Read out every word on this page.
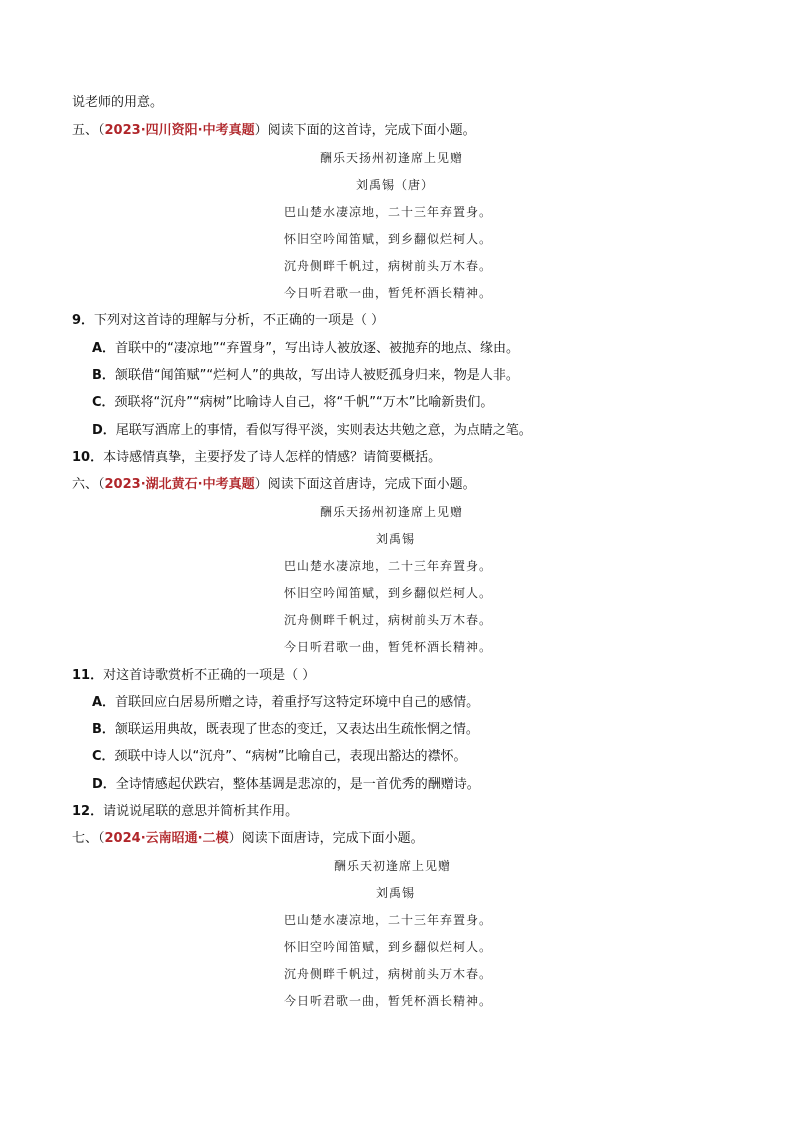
说老师的用意。
五、（2023·四川资阳·中考真题）阅读下面的这首诗，完成下面小题。
酬乐天扬州初逢席上见赠
刘禹锡（唐）
巴山楚水凄凉地，二十三年弃置身。
怀旧空吟闻笛赋，到乡翻似烂柯人。
沉舟侧畔千帆过，病树前头万木春。
今日听君歌一曲，暂凭杯酒长精神。
9．下列对这首诗的理解与分析，不正确的一项是（ ）
A．首联中的“凄凉地”“弃置身”，写出诗人被放逐、被抛弃的地点、缘由。
B．颔联借“闻笛赋”“烂柯人”的典故，写出诗人被贬孤身归来，物是人非。
C．颈联将“沉舟”“病树”比喻诗人自己，将“千帆”“万木”比喻新贵们。
D．尾联写酒席上的事情，看似写得平淡，实则表达共勉之意，为点睛之笔。
10．本诗感情真挚，主要抒发了诗人怎样的情感？请简要概括。
六、（2023·湖北黄石·中考真题）阅读下面这首唐诗，完成下面小题。
酬乐天扬州初逢席上见赠
刘禹锡
巴山楚水凄凉地，二十三年弃置身。
怀旧空吟闻笛赋，到乡翻似烂柯人。
沉舟侧畔千帆过，病树前头万木春。
今日听君歌一曲，暂凭杯酒长精神。
11．对这首诗歌赏析不正确的一项是（ ）
A．首联回应白居易所赠之诗，着重抒写这特定环境中自己的感情。
B．颔联运用典故，既表现了世态的变迁，又表达出生疏怅惘之情。
C．颈联中诗人以“沉舟”、“病树”比喻自己，表现出豁达的襟怀。
D．全诗情感起伏跌宕，整体基调是悲凉的，是一首优秀的酬赠诗。
12．请说说尾联的意思并简析其作用。
七、（2024·云南昭通·二模）阅读下面唐诗，完成下面小题。
酬乐天初逢席上见赠
刘禹锡
巴山楚水凄凉地，二十三年弃置身。
怀旧空吟闻笛赋，到乡翻似烂柯人。
沉舟侧畔千帆过，病树前头万木春。
今日听君歌一曲，暂凭杯酒长精神。
